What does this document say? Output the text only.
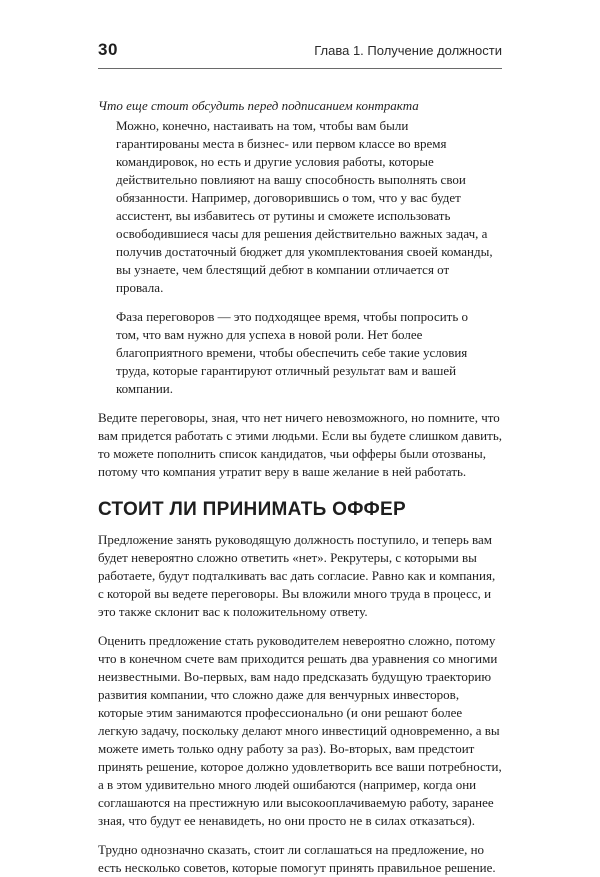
30	Глава 1. Получение должности
Что еще стоит обсудить перед подписанием контракта

Можно, конечно, настаивать на том, чтобы вам были гарантированы места в бизнес- или первом классе во время командировок, но есть и другие условия работы, которые действительно повлияют на вашу способность выполнять свои обязанности. Например, договорившись о том, что у вас будет ассистент, вы избавитесь от рутины и сможете использовать освободившиеся часы для решения действительно важных задач, а получив достаточный бюджет для укомплектования своей команды, вы узнаете, чем блестящий дебют в компании отличается от провала.

Фаза переговоров — это подходящее время, чтобы попросить о том, что вам нужно для успеха в новой роли. Нет более благоприятного времени, чтобы обеспечить себе такие условия труда, которые гарантируют отличный результат вам и вашей компании.

Ведите переговоры, зная, что нет ничего невозможного, но помните, что вам придется работать с этими людьми. Если вы будете слишком давить, то можете пополнить список кандидатов, чьи офферы были отозваны, потому что компания утратит веру в ваше желание в ней работать.

СТОИТ ЛИ ПРИНИМАТЬ ОФФЕР

Предложение занять руководящую должность поступило, и теперь вам будет невероятно сложно ответить «нет». Рекрутеры, с которыми вы работаете, будут подталкивать вас дать согласие. Равно как и компания, с которой вы ведете переговоры. Вы вложили много труда в процесс, и это также склонит вас к положительному ответу.

Оценить предложение стать руководителем невероятно сложно, потому что в конечном счете вам приходится решать два уравнения со многими неизвестными. Во-первых, вам надо предсказать будущую траекторию развития компании, что сложно даже для венчурных инвесторов, которые этим занимаются профессионально (и они решают более легкую задачу, поскольку делают много инвестиций одновременно, а вы можете иметь только одну работу за раз). Во-вторых, вам предстоит принять решение, которое должно удовлетворить все ваши потребности, а в этом удивительно много людей ошибаются (например, когда они соглашаются на престижную или высокооплачиваемую работу, заранее зная, что будут ее ненавидеть, но они просто не в силах отказаться).

Трудно однозначно сказать, стоит ли соглашаться на предложение, но есть несколько советов, которые помогут принять правильное решение.
